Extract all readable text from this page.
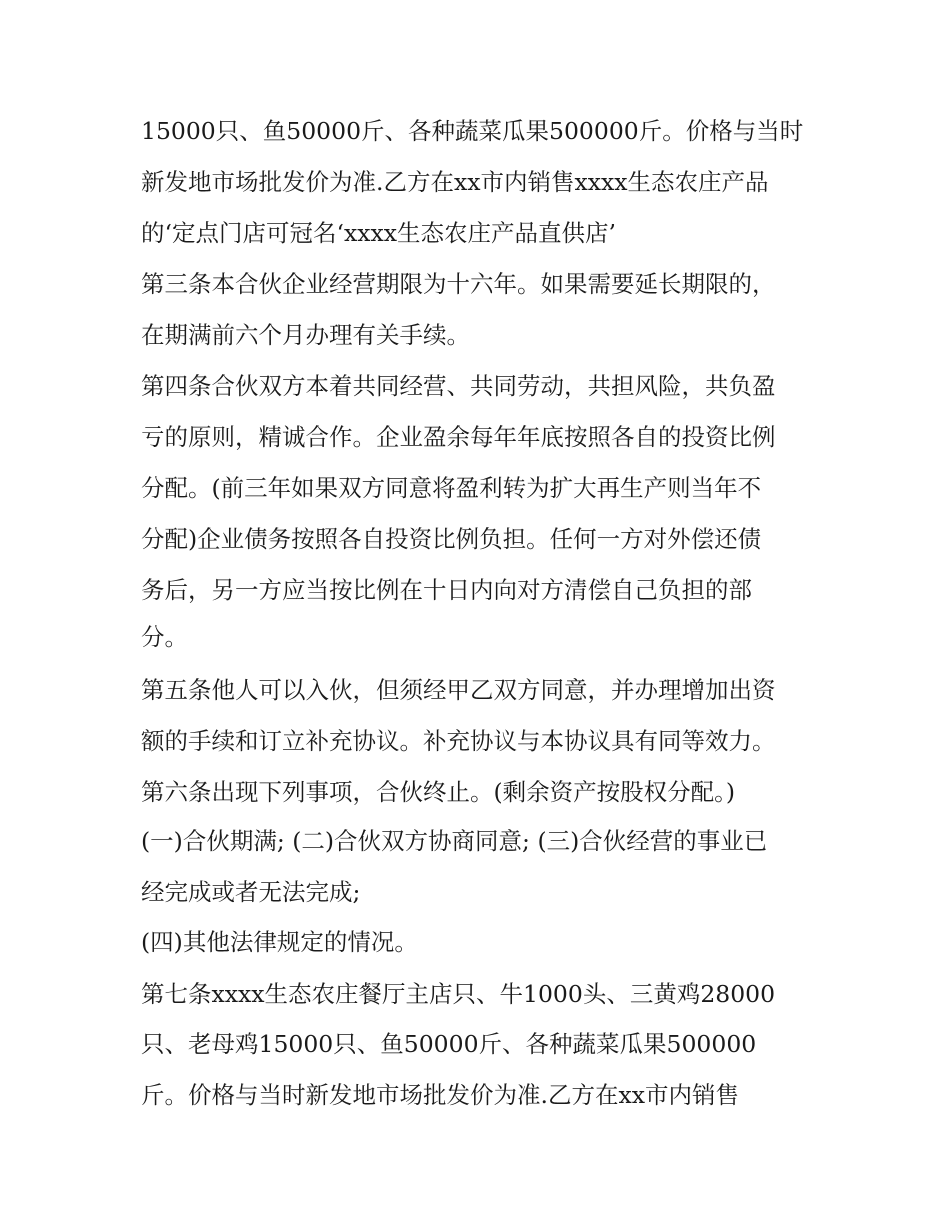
15000只、鱼50000斤、各种蔬菜瓜果500000斤。价格与当时
新发地市场批发价为准.乙方在xx市内销售xxxx生态农庄产品
的‘定点门店可冠名‘xxxx生态农庄产品直供店’
第三条本合伙企业经营期限为十六年。如果需要延长期限的，
在期满前六个月办理有关手续。
第四条合伙双方本着共同经营、共同劳动，共担风险，共负盈
亏的原则，精诚合作。企业盈余每年年底按照各自的投资比例
分配。(前三年如果双方同意将盈利转为扩大再生产则当年不
分配)企业债务按照各自投资比例负担。任何一方对外偿还债
务后，另一方应当按比例在十日内向对方清偿自己负担的部
分。
第五条他人可以入伙，但须经甲乙双方同意，并办理增加出资
额的手续和订立补充协议。补充协议与本协议具有同等效力。
第六条出现下列事项，合伙终止。(剩余资产按股权分配。)
(一)合伙期满; (二)合伙双方协商同意; (三)合伙经营的事业已
经完成或者无法完成;
(四)其他法律规定的情况。
第七条xxxx生态农庄餐厅主店只、牛1000头、三黄鸡28000
只、老母鸡15000只、鱼50000斤、各种蔬菜瓜果500000
斤。价格与当时新发地市场批发价为准.乙方在xx市内销售
